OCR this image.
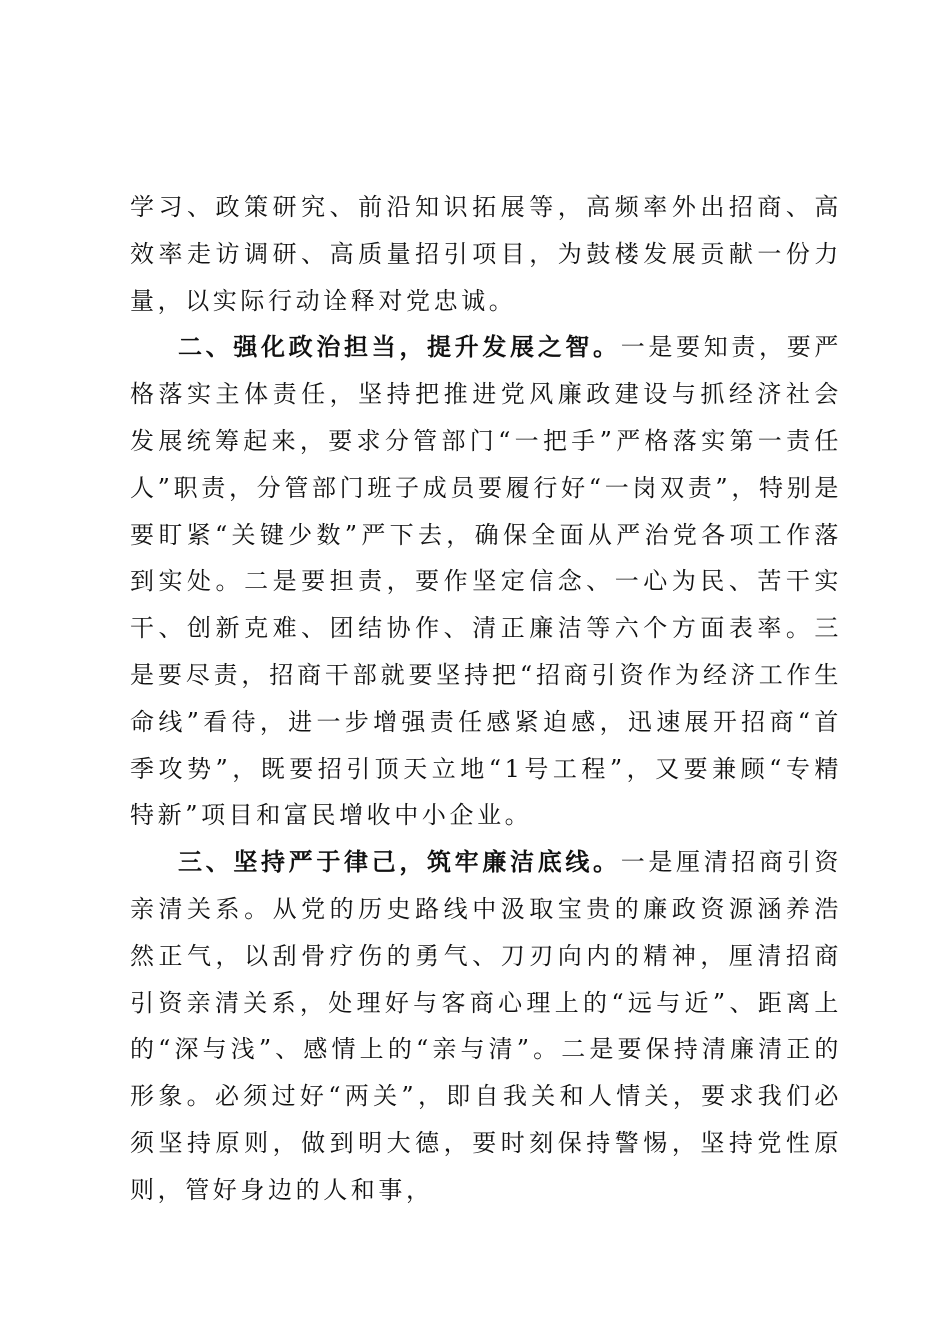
学习、政策研究、前沿知识拓展等，高频率外出招商、高效率走访调研、高质量招引项目，为鼓楼发展贡献一份力量，以实际行动诠释对党忠诚。

二、强化政治担当，提升发展之智。一是要知责，要严格落实主体责任，坚持把推进党风廉政建设与抓经济社会发展统筹起来，要求分管部门“一把手”严格落实第一责任人”职责，分管部门班子成员要履行好“一岗双责”，特别是要盯紧“关键少数”严下去，确保全面从严治党各项工作落到实处。二是要担责，要作坚定信念、一心为民、苦干实干、创新克难、团结协作、清正廉洁等六个方面表率。三是要尽责，招商干部就要坚持把“招商引资作为经济工作生命线”看待，进一步增强责任感紧迫感，迅速展开招商“首季攻势”，既要招引顶天立地“1号工程”，又要兼顾“专精特新”项目和富民增收中小企业。

三、坚持严于律己，筑牢廉洁底线。一是厘清招商引资亲清关系。从党的历史路线中汲取宝贵的廉政资源涵养浩然正气，以刮骨疗伤的勇气、刀刃向内的精神，厘清招商引资亲清关系，处理好与客商心理上的“远与近”、距离上的“深与浅”、感情上的“亲与清”。二是要保持清廉清正的形象。必须过好“两关”，即自我关和人情关，要求我们必须坚持原则，做到明大德，要时刻保持警惕，坚持党性原则，管好身边的人和事，
